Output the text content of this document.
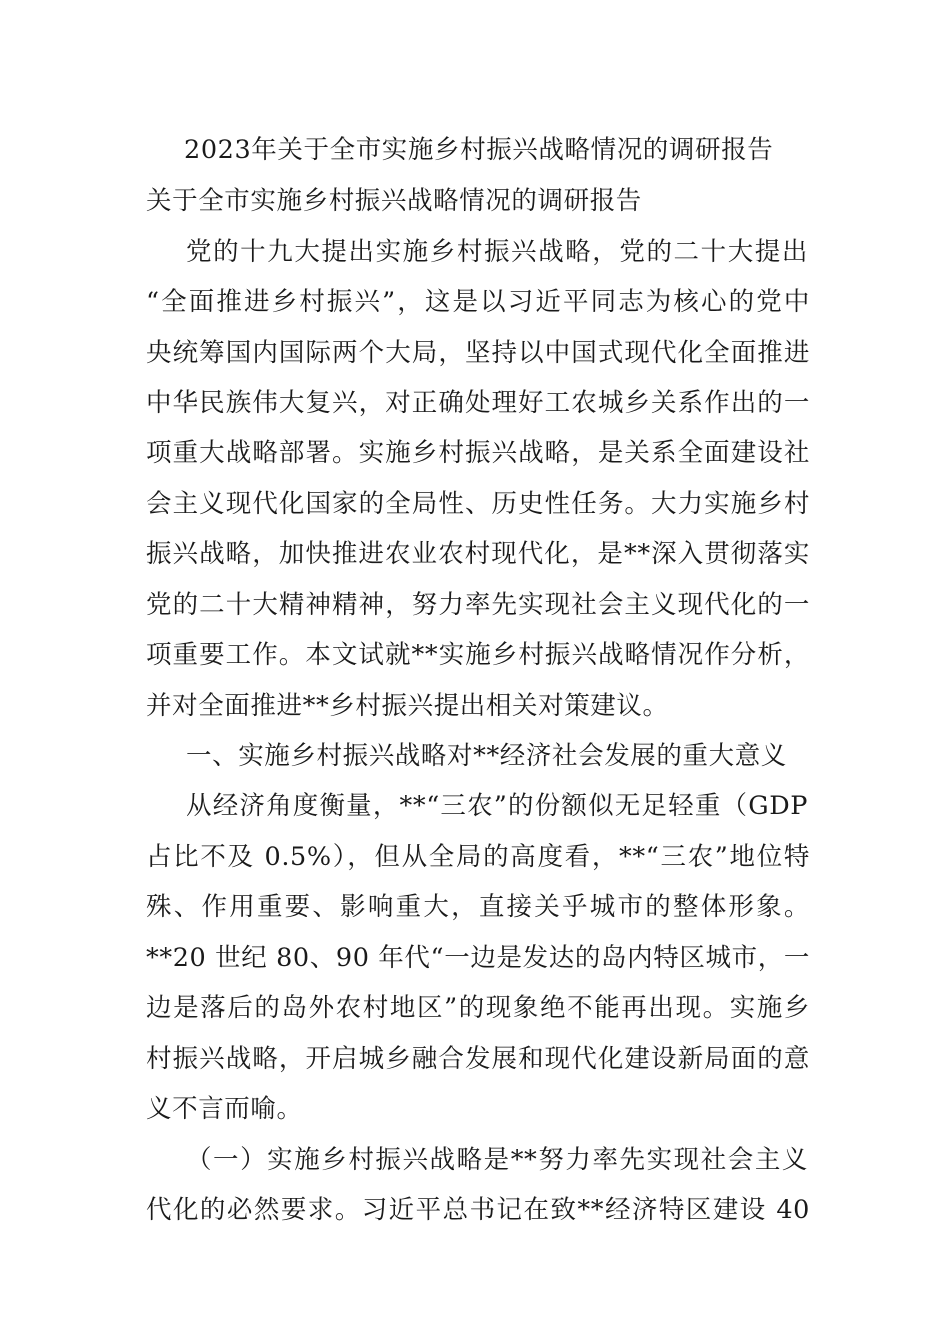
2023年关于全市实施乡村振兴战略情况的调研报告
关于全市实施乡村振兴战略情况的调研报告
党的十九大提出实施乡村振兴战略，党的二十大提出
“全面推进乡村振兴”，这是以习近平同志为核心的党中
央统筹国内国际两个大局，坚持以中国式现代化全面推进
中华民族伟大复兴，对正确处理好工农城乡关系作出的一
项重大战略部署。实施乡村振兴战略，是关系全面建设社
会主义现代化国家的全局性、历史性任务。大力实施乡村
振兴战略，加快推进农业农村现代化，是**深入贯彻落实
党的二十大精神精神，努力率先实现社会主义现代化的一
项重要工作。本文试就**实施乡村振兴战略情况作分析，
并对全面推进**乡村振兴提出相关对策建议。
一、实施乡村振兴战略对**经济社会发展的重大意义
从经济角度衡量，**“三农”的份额似无足轻重（GDP
占比不及 0.5%），但从全局的高度看，**“三农”地位特
殊、作用重要、影响重大，直接关乎城市的整体形象。
**20 世纪 80、90 年代“一边是发达的岛内特区城市，一
边是落后的岛外农村地区”的现象绝不能再出现。实施乡
村振兴战略，开启城乡融合发展和现代化建设新局面的意
义不言而喻。
（一）实施乡村振兴战略是**努力率先实现社会主义
代化的必然要求。习近平总书记在致**经济特区建设 40
